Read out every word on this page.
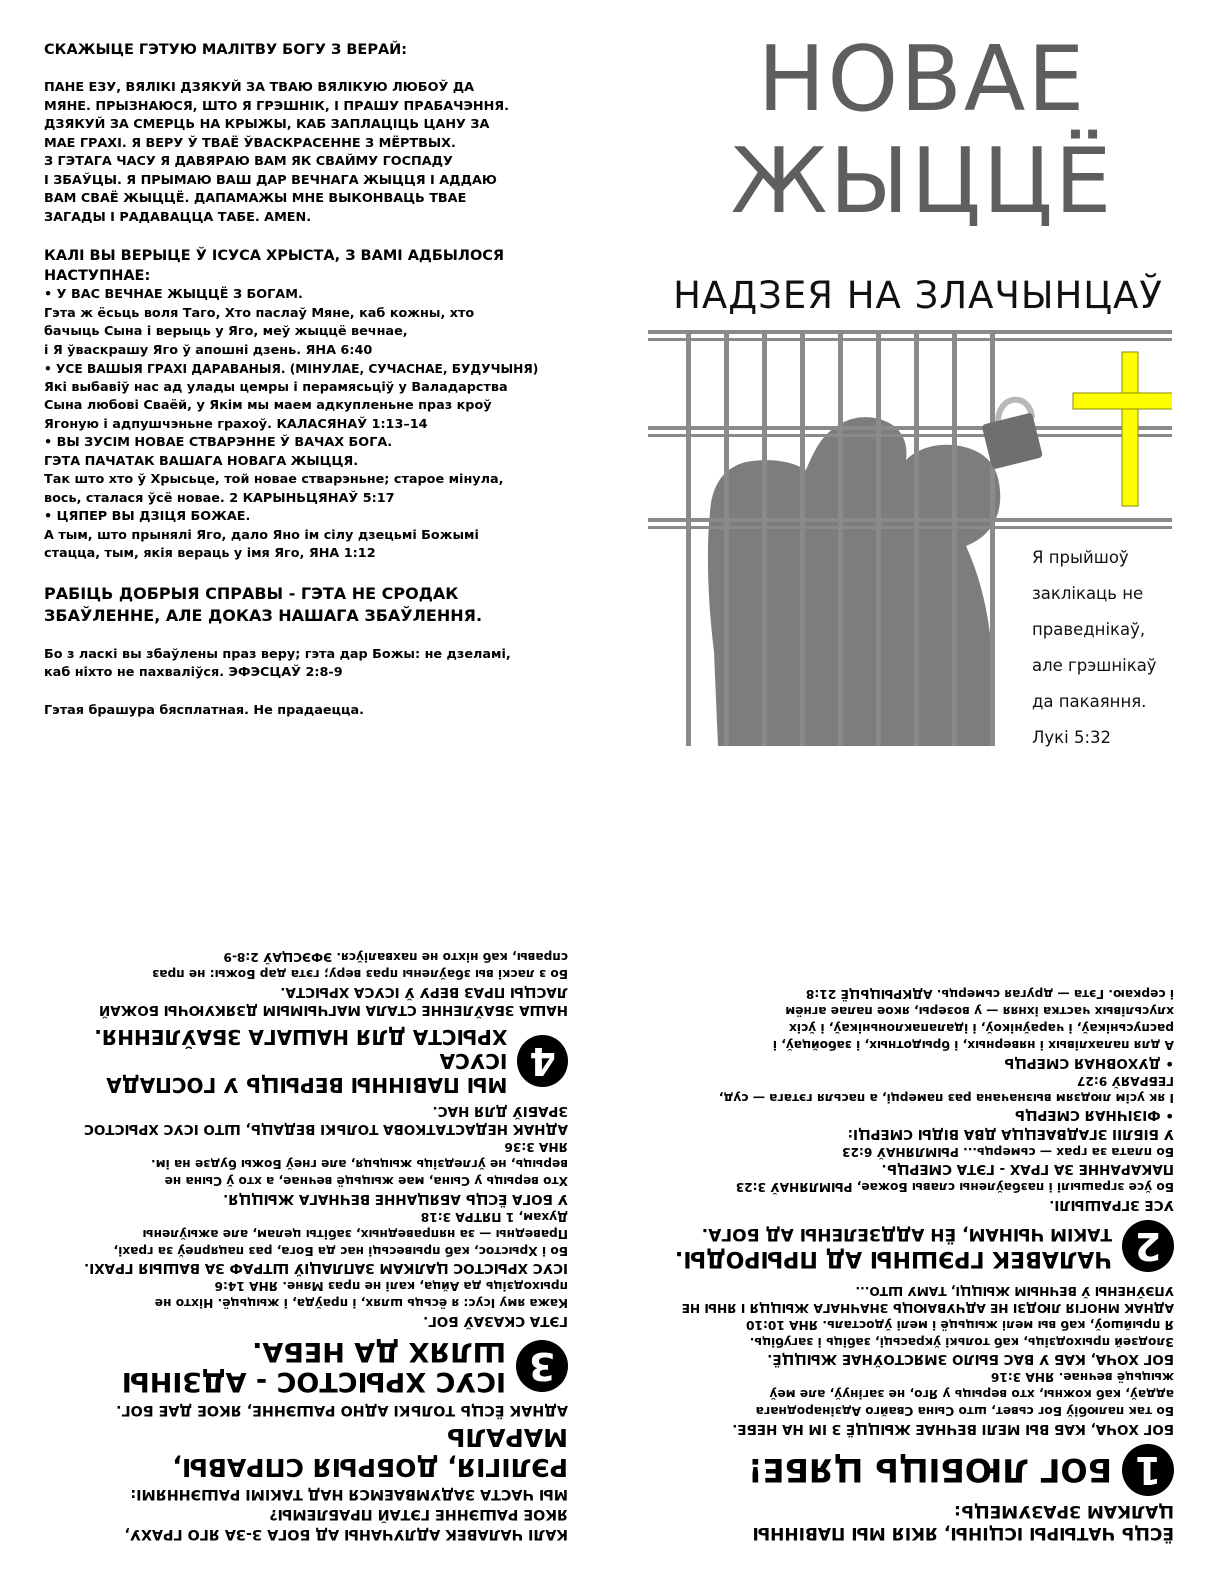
СКАЖЫЦЕ ГЭТУЮ МАЛІТВУ БОГУ З ВЕРАЙ:

ПАНЕ ЕЗУ, ВЯЛІКІ ДЗЯКУЙ ЗА ТВАЮ ВЯЛІКУЮ ЛЮБОЎ ДА

МЯНЕ. ПРЫЗНАЮСЯ, ШТО Я ГРЭШНІК, І ПРАШУ ПРАБАЧЭННЯ.

ДЗЯКУЙ ЗА СМЕРЦЬ НА КРЫЖЫ, КАБ ЗАПЛАЦІЦЬ ЦАНУ ЗА

МАЕ ГРАХІ. Я ВЕРУ Ў ТВАЁ ЎВАСКРАСЕННЕ З МЁРТВЫХ.

З ГЭТАГА ЧАСУ Я ДАВЯРАЮ ВАМ ЯК СВАЙМУ ГОСПАДУ

І ЗБАЎЦЫ. Я ПРЫМАЮ ВАШ ДАР ВЕЧНАГА ЖЫЦЦЯ І АДДАЮ

ВАМ СВАЁ ЖЫЦЦЁ. ДАПАМАЖЫ МНЕ ВЫКОНВАЦЬ ТВАЕ

ЗАГАДЫ І РАДАВАЦЦА ТАБЕ. AMEN.

КАЛІ ВЫ ВЕРЫЦЕ Ў ІСУСА ХРЫСТА, З ВАМІ АДБЫЛОСЯ

НАСТУПНАЕ:

• У ВАС ВЕЧНАЕ ЖЫЦЦЁ З БОГАМ.

Гэта ж ёсьць воля Таго, Хто паслаў Мяне, каб кожны, хто

бачыць Сына і верыць у Яго, меў жыццё вечнае,

і Я ўваскрашу Яго ў апошні дзень. ЯНА 6:40

• УСЕ ВАШЫЯ ГРАХІ ДАРАВАНЫЯ. (МІНУЛАЕ, СУЧАСНАЕ, БУДУЧЫНЯ)

Які выбавіў нас ад улады цемры і перамясьціў у Валадарства

Сына любові Сваёй, у Якім мы маем адкупленьне праз кроў

Ягоную і адпушчэньне грахоў. КАЛАСЯНАЎ 1:13–14

• ВЫ ЗУСІМ НОВАЕ СТВАРЭННЕ Ў ВАЧАХ БОГА.

ГЭТА ПАЧАТАК ВАШАГА НОВАГА ЖЫЦЦЯ.

Так што хто ў Хрысьце, той новае стварэньне; старое мінула,

вось, сталася ўсё новае. 2 КАРЫНЬЦЯНАЎ 5:17

• ЦЯПЕР ВЫ ДЗІЦЯ БОЖАЕ.

А тым, што прынялі Яго, дало Яно ім сілу дзецьмі Божымі

стацца, тым, якія вераць у імя Яго, ЯНА 1:12

РАБІЦЬ ДОБРЫЯ СПРАВЫ - ГЭТА НЕ СРОДАК

ЗБАЎЛЕННЕ, АЛЕ ДОКАЗ НАШАГА ЗБАЎЛЕННЯ.

Бо з ласкі вы збаўлены праз веру; гэта дар Божы: не дзеламі,

каб ніхто не пахваліўся. ЭФЭСЦАЎ 2:8-9

Гэтая брашура бясплатная. Не прадаецца.

НОВАЕ
ЖЫЦЦЁ
НАДЗЕЯ НА ЗЛАЧЫНЦАЎ
Я прыйшоў
заклікаць не
праведнікаў,
але грэшнікаў
да пакаяння.
Лукі 5:32

КАЛІ ЧАЛАВЕК АДЛУЧАНЫ АД БОГА З-ЗА ЯГО ГРАХУ,

ЯКОЕ РАШЭННЕ ГЭТАЙ ПРАБЛЕМЫ?

МЫ ЧАСТА ЗАДУМВАЕМСЯ НАД ТАКІМІ РАШЭННЯМІ:

РЭЛІГІЯ, ДОБРЫЯ СПРАВЫ, МАРАЛЬ

АДНАК ЁСЦЬ ТОЛЬКІ АДНО РАШЭННЕ, ЯКОЕ ДАЕ БОГ.

3
ІСУС ХРЫСТОС - АДЗІНЫ
ШЛЯХ ДА НЕБА.

ГЭТА СКАЗАЎ БОГ.

Кажа яму Ісус: я ёсьць шлях, і праўда, і жыцьцё. Ніхто не

прыходзіць да Айца, калі не праз Мяне. ЯНА 14:6

ІСУС ХРЫСТОС ЦАЛКАМ ЗАПЛАЦІЎ ШТРАФ ЗА ВАШЫЯ ГРАХІ.

Бо і Хрыстос, каб прывесьці нас да Бога, раз пацярпеў за грахі,

Праведны — за няправедных, забіты целам, але ажыўлены

Духам, 1 ПЯТРА 3:18

У БОГА ЁСЦЬ АБЯЦАННЕ ВЕЧНАГА ЖЫЦЦЯ.

Хто верыць у Сына, мае жыцьцё вечнае, а хто ў Сына не

верыць, не ўгледзіць жыцьця, але гнеў Божы будзе на ім.

ЯНА 3:36

АДНАК НЕДАСТАТКОВА ТОЛЬКІ ВЕДАЦЬ, ШТО ІСУС ХРЫСТОС

ЗРАБІЎ ДЛЯ НАС.

4
МЫ ПАВІННЫ ВЕРЫЦЬ У ГОСПАДА ІСУСА
ХРЫСТА ДЛЯ НАШАГА ЗБАЎЛЕННЯ.

НАША ЗБАЎЛЕННЕ СТАЛА МАГЧЫМЫМ ДЗЯКУЮЧЫ БОЖАЙ

ЛАСЦЫ ПРАЗ ВЕРУ Ў ІСУСА ХРЫСТА.

Бо з ласкі вы збаўлены праз веру; гэта дар Божы: не праз

справы, каб ніхто не пахваліўся. ЭФЭСЦАЎ 2:8-9

ЁСЦЬ ЧАТЫРЫ ІСЦІНЫ, ЯКІЯ МЫ ПАВІННЫ

ЦАЛКАМ ЗРАЗУМЕЦЬ:

1
БОГ ЛЮБІЦЬ ЦЯБЕ!

БОГ ХОЧА, КАБ ВЫ МЕЛІ ВЕЧНАЕ ЖЫЦЦЁ З ІМ НА НЕБЕ.

Бо так палюбіў Бог сьвет, што Сына Свайго Адзінароднага

аддаў, каб кожны, хто верыць у Яго, не загінуў, але меў

жыцьцё вечнае. ЯНА 3:16

БОГ ХОЧА, КАБ У ВАС БЫЛО ЗМЯСТОЎНАЕ ЖЫЦЦЁ.

Злодзей прыходзіць, каб толькі ўкрасьці, забіць і загубіць.

Я прыйшоў, каб вы мелі жыцьцё і мелі ўдосталь. ЯНА 10:10

АДНАК МНОГІЯ ЛЮДЗІ НЕ АДЧУВАЮЦЬ ЗНАЧНАГА ЖЫЦЦЯ І ЯНЫ НЕ

УПЭЎНЕНЫ Ў ВЕЧНЫМ ЖЫЦЦІ, ТАМУ ШТО...

2
ЧАЛАВЕК ГРЭШНЫ АД ПРЫРОДЫ.
ТАКІМ ЧЫНАМ, ЁН АДДЗЕЛЕНЫ АД БОГА.

УСЕ ЗГРАШЫЛІ.

Бо ўсе зграшылі і пазбаўлены славы Божае, РЫМЛЯНАЎ 3:23

ПАКАРАННЕ ЗА ГРАХ - ГЭТА СМЕРЦЬ.

Бо плата за грах — сьмерць... РЫМЛЯНАЎ 6:23

У БІБЛІІ ЗГАДВАЕЦЦА ДВА ВІДЫ СМЕРЦІ:

• ФІЗІЧНАЯ СМЕРЦЬ

І як усім людзям вызначана раз памерці, а пасьля гэтага — суд,

ГЕБРАЯЎ 9:27

• ДУХОВНАЯ СМЕРЦЬ

А для палахлівых і няверных, і брыдотных, і забойцаў, і

распусьнікаў, і чараўнікоў, і ідалапаклоньнікаў, і ўсіх

хлусьлівых частка іхняя — у возеры, якое палае агнём

і серкаю. Гэта — другая сьмерць. АДКРЫЦЬЦЁ 21:8
